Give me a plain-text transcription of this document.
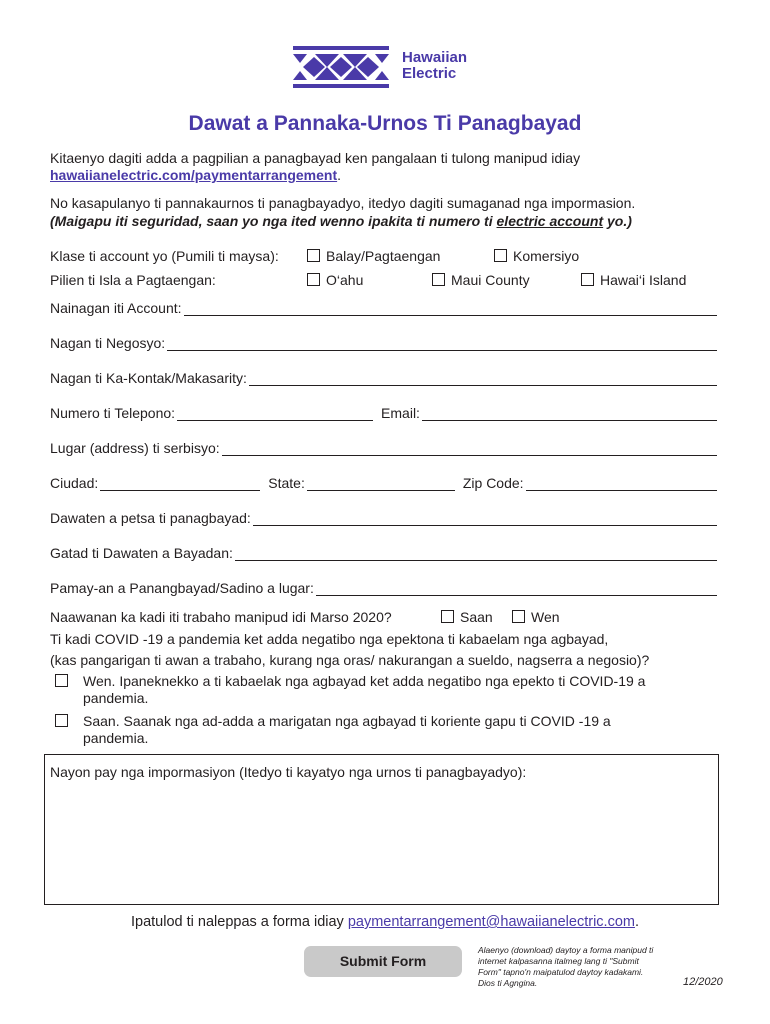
Hawaiian
Electric
Dawat a Pannaka-Urnos Ti Panagbayad
Kitaenyo dagiti adda a pagpilian a panagbayad ken pangalaan ti tulong manipud idiay
hawaiianelectric.com/paymentarrangement.
No kasapulanyo ti pannakaurnos ti panagbayadyo, itedyo dagiti sumaganad nga impormasion.
(Maigapu iti seguridad, saan yo nga ited wenno ipakita ti numero ti electric account yo.)
Klase ti account yo (Pumili ti maysa):	Balay/Pagtaengan	Komersiyo
Pilien ti Isla a Pagtaengan:	O‘ahu	Maui County	Hawai‘i Island
Nainagan iti Account:
Nagan ti Negosyo:
Nagan ti Ka-Kontak/Makasarity:
Numero ti Telepono:	Email:
Lugar (address) ti serbisyo:
Ciudad:	State:	Zip Code:
Dawaten a petsa ti panagbayad:
Gatad ti Dawaten a Bayadan:
Pamay-an a Panangbayad/Sadino a lugar:
Naawanan ka kadi iti trabaho manipud idi Marso 2020?	Saan	Wen
Ti kadi COVID -19 a pandemia ket adda negatibo nga epektona ti kabaelam nga agbayad,
(kas pangarigan ti awan a trabaho, kurang nga oras/ nakurangan a sueldo, nagserra a negosio)?
Wen. Ipaneknekko a ti kabaelak nga agbayad ket adda negatibo nga epekto ti COVID-19 a
pandemia.
Saan. Saanak nga ad-adda a marigatan nga agbayad ti koriente gapu ti COVID -19 a
pandemia.
Nayon pay nga impormasiyon (Itedyo ti kayatyo nga urnos ti panagbayadyo):
Ipatulod ti naleppas a forma idiay paymentarrangement@hawaiianelectric.com.
Submit Form
Alaenyo (download) daytoy a forma manipud ti internet kalpasanna italmeg lang ti "Submit Form" tapno'n maipatulod daytoy kadakami. Dios ti Agngina.	12/2020
